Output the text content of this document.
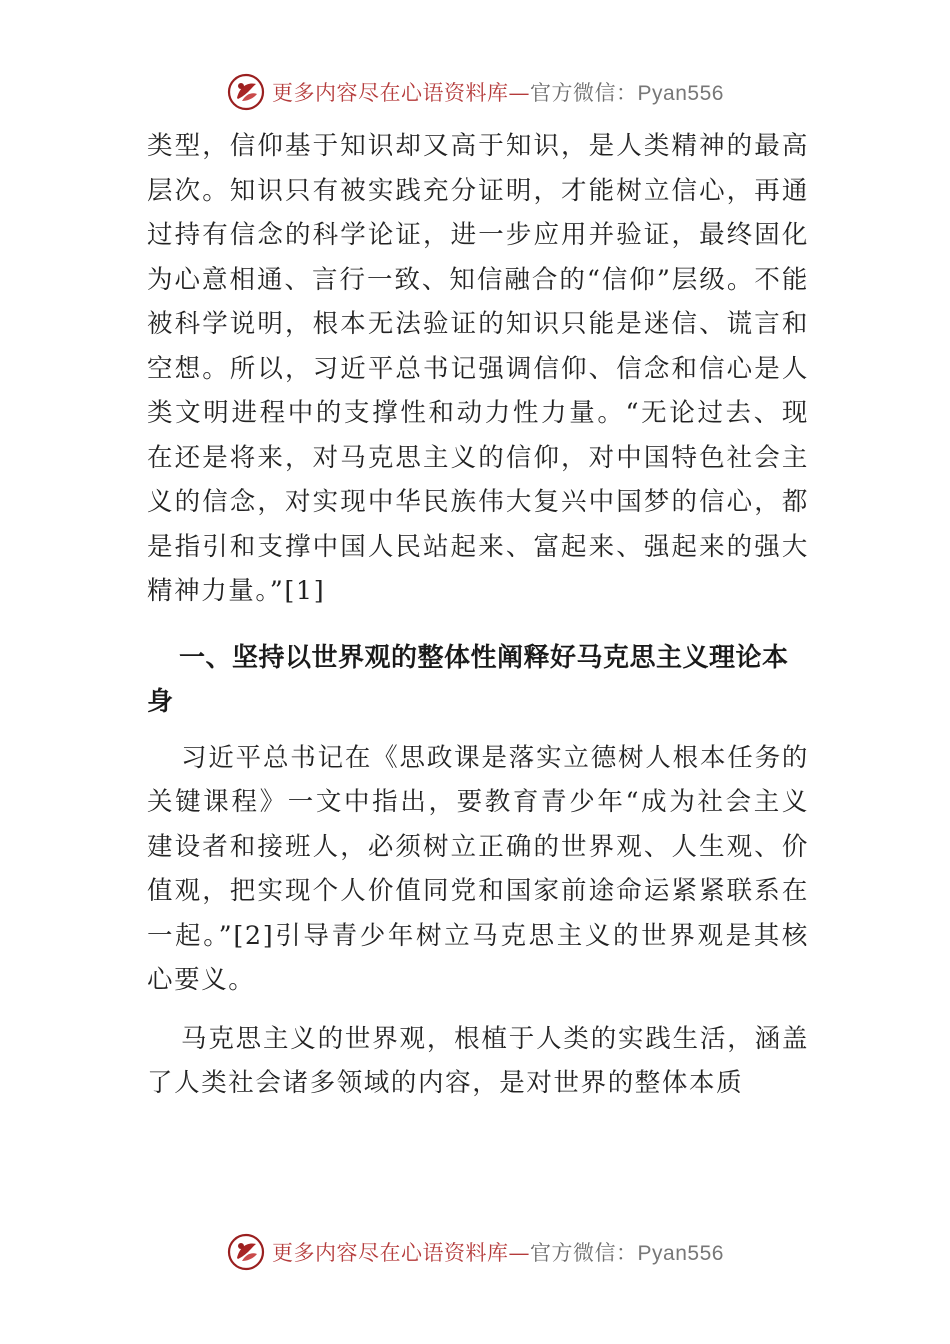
更多内容尽在心语资料库—官方微信：Pyan556

类型，信仰基于知识却又高于知识，是人类精神的最高层次。知识只有被实践充分证明，才能树立信心，再通过持有信念的科学论证，进一步应用并验证，最终固化为心意相通、言行一致、知信融合的“信仰”层级。不能被科学说明，根本无法验证的知识只能是迷信、谎言和空想。所以，习近平总书记强调信仰、信念和信心是人类文明进程中的支撑性和动力性力量。“无论过去、现在还是将来，对马克思主义的信仰，对中国特色社会主义的信念，对实现中华民族伟大复兴中国梦的信心，都是指引和支撑中国人民站起来、富起来、强起来的强大精神力量。”[1]

一、坚持以世界观的整体性阐释好马克思主义理论本身

习近平总书记在《思政课是落实立德树人根本任务的关键课程》一文中指出，要教育青少年“成为社会主义建设者和接班人，必须树立正确的世界观、人生观、价值观，把实现个人价值同党和国家前途命运紧紧联系在一起。”[2]引导青少年树立马克思主义的世界观是其核心要义。

马克思主义的世界观，根植于人类的实践生活，涵盖了人类社会诸多领域的内容，是对世界的整体本质

更多内容尽在心语资料库—官方微信：Pyan556
